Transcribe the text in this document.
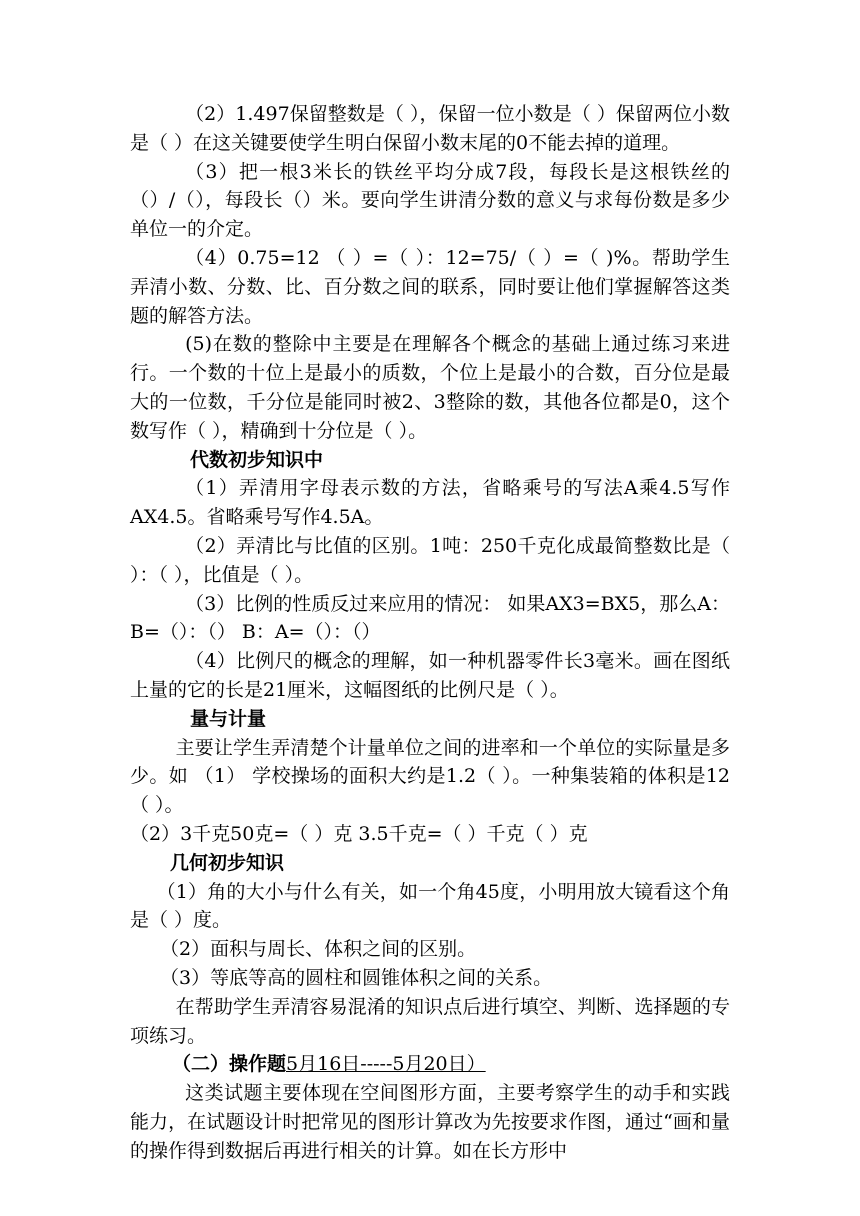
（2）1.497保留整数是（ ），保留一位小数是（ ）保留两位小数是（ ）在这关键要使学生明白保留小数末尾的0不能去掉的道理。

（3）把一根3米长的铁丝平均分成7段，每段长是这根铁丝的（）/（），每段长（）米。要向学生讲清分数的意义与求每份数是多少单位一的介定。

（4）0.75=12 （ ）=（ ）：12=75/（ ）=（ )%。帮助学生弄清小数、分数、比、百分数之间的联系，同时要让他们掌握解答这类题的解答方法。

(5)在数的整除中主要是在理解各个概念的基础上通过练习来进行。一个数的十位上是最小的质数，个位上是最小的合数，百分位是最大的一位数，千分位是能同时被2、3整除的数，其他各位都是0，这个数写作（ ），精确到十分位是（ ）。

代数初步知识中

（1）弄清用字母表示数的方法，省略乘号的写法A乘4.5写作AX4.5。省略乘号写作4.5A。

（2）弄清比与比值的区别。1吨：250千克化成最简整数比是（ ）：（ ），比值是（ ）。

（3）比例的性质反过来应用的情况： 如果AX3=BX5，那么A：B=（）：（） B：A=（）：（）

（4）比例尺的概念的理解，如一种机器零件长3毫米。画在图纸上量的它的长是21厘米，这幅图纸的比例尺是（ ）。

量与计量

主要让学生弄清楚个计量单位之间的进率和一个单位的实际量是多少。如 （1） 学校操场的面积大约是1.2（ ）。一种集装箱的体积是12（ ）。

（2）3千克50克=（ ）克 3.5千克=（ ）千克（ ）克

几何初步知识

（1）角的大小与什么有关，如一个角45度，小明用放大镜看这个角是（ ）度。

（2）面积与周长、体积之间的区别。

（3）等底等高的圆柱和圆锥体积之间的关系。

在帮助学生弄清容易混淆的知识点后进行填空、判断、选择题的专项练习。

（二）操作题5月16日-----5月20日）

这类试题主要体现在空间图形方面，主要考察学生的动手和实践能力，在试题设计时把常见的图形计算改为先按要求作图，通过“画和量的操作得到数据后再进行相关的计算。如在长方形中
